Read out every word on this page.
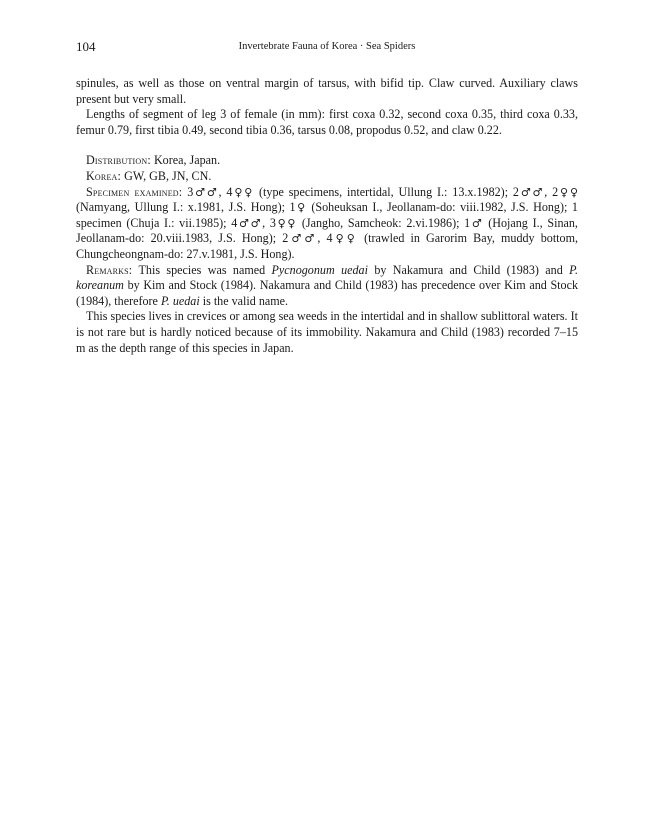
104	Invertebrate Fauna of Korea · Sea Spiders

spinules, as well as those on ventral margin of tarsus, with bifid tip. Claw curved. Auxiliary claws present but very small.

Lengths of segment of leg 3 of female (in mm): first coxa 0.32, second coxa 0.35, third coxa 0.33, femur 0.79, first tibia 0.49, second tibia 0.36, tarsus 0.08, propodus 0.52, and claw 0.22.

Distribution: Korea, Japan.

Korea: GW, GB, JN, CN.

Specimen examined: 3♂♂, 4♀♀ (type specimens, intertidal, Ullung I.: 13.x.1982); 2♂♂, 2♀♀ (Namyang, Ullung I.: x.1981, J.S. Hong); 1♀ (Soheuksan I., Jeollanam-do: viii.1982, J.S. Hong); 1 specimen (Chuja I.: vii.1985); 4♂♂, 3♀♀ (Jangho, Samcheok: 2.vi.1986); 1♂ (Hojang I., Sinan, Jeollanam-do: 20.viii.1983, J.S. Hong); 2♂♂, 4♀♀ (trawled in Garorim Bay, muddy bottom, Chungcheongnam-do: 27.v.1981, J.S. Hong).

Remarks: This species was named Pycnogonum uedai by Nakamura and Child (1983) and P. koreanum by Kim and Stock (1984). Nakamura and Child (1983) has precedence over Kim and Stock (1984), therefore P. uedai is the valid name.

This species lives in crevices or among sea weeds in the intertidal and in shallow sublittoral waters. It is not rare but is hardly noticed because of its immobility. Nakamura and Child (1983) recorded 7–15 m as the depth range of this species in Japan.
